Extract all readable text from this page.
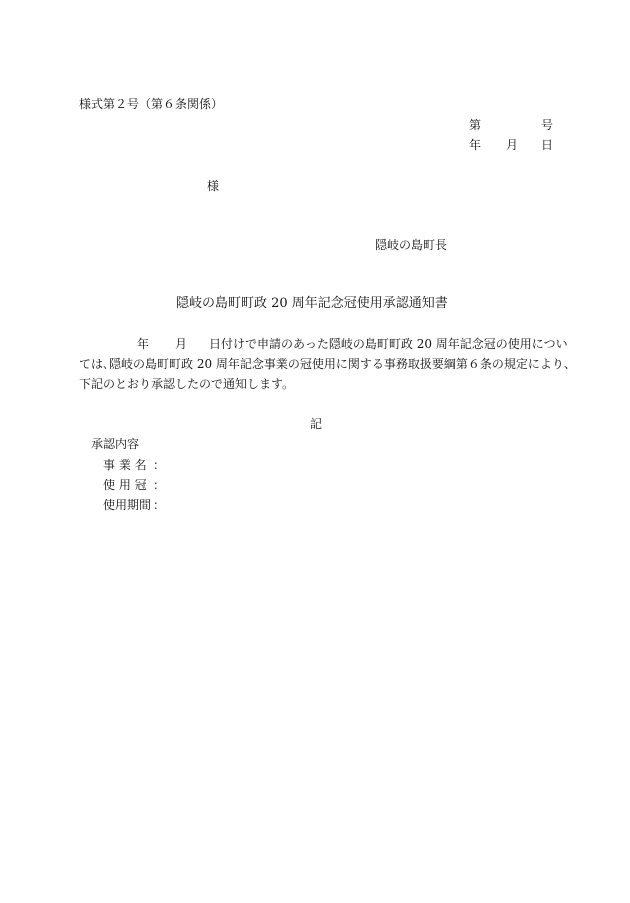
様式第２号（第６条関係）
第	号
年 月 日
様
隠岐の島町長
隠岐の島町町政 20 周年記念冠使用承認通知書
年 月 日付けで申請のあった隠岐の島町町政 20 周年記念冠の使用につい
ては､隠岐の島町町政 20 周年記念事業の冠使用に関する事務取扱要綱第６条の規定により、
下記のとおり承認したので通知します。
記
承認内容
事 業 名 ：
使 用 冠 ：
使用期間 ：
